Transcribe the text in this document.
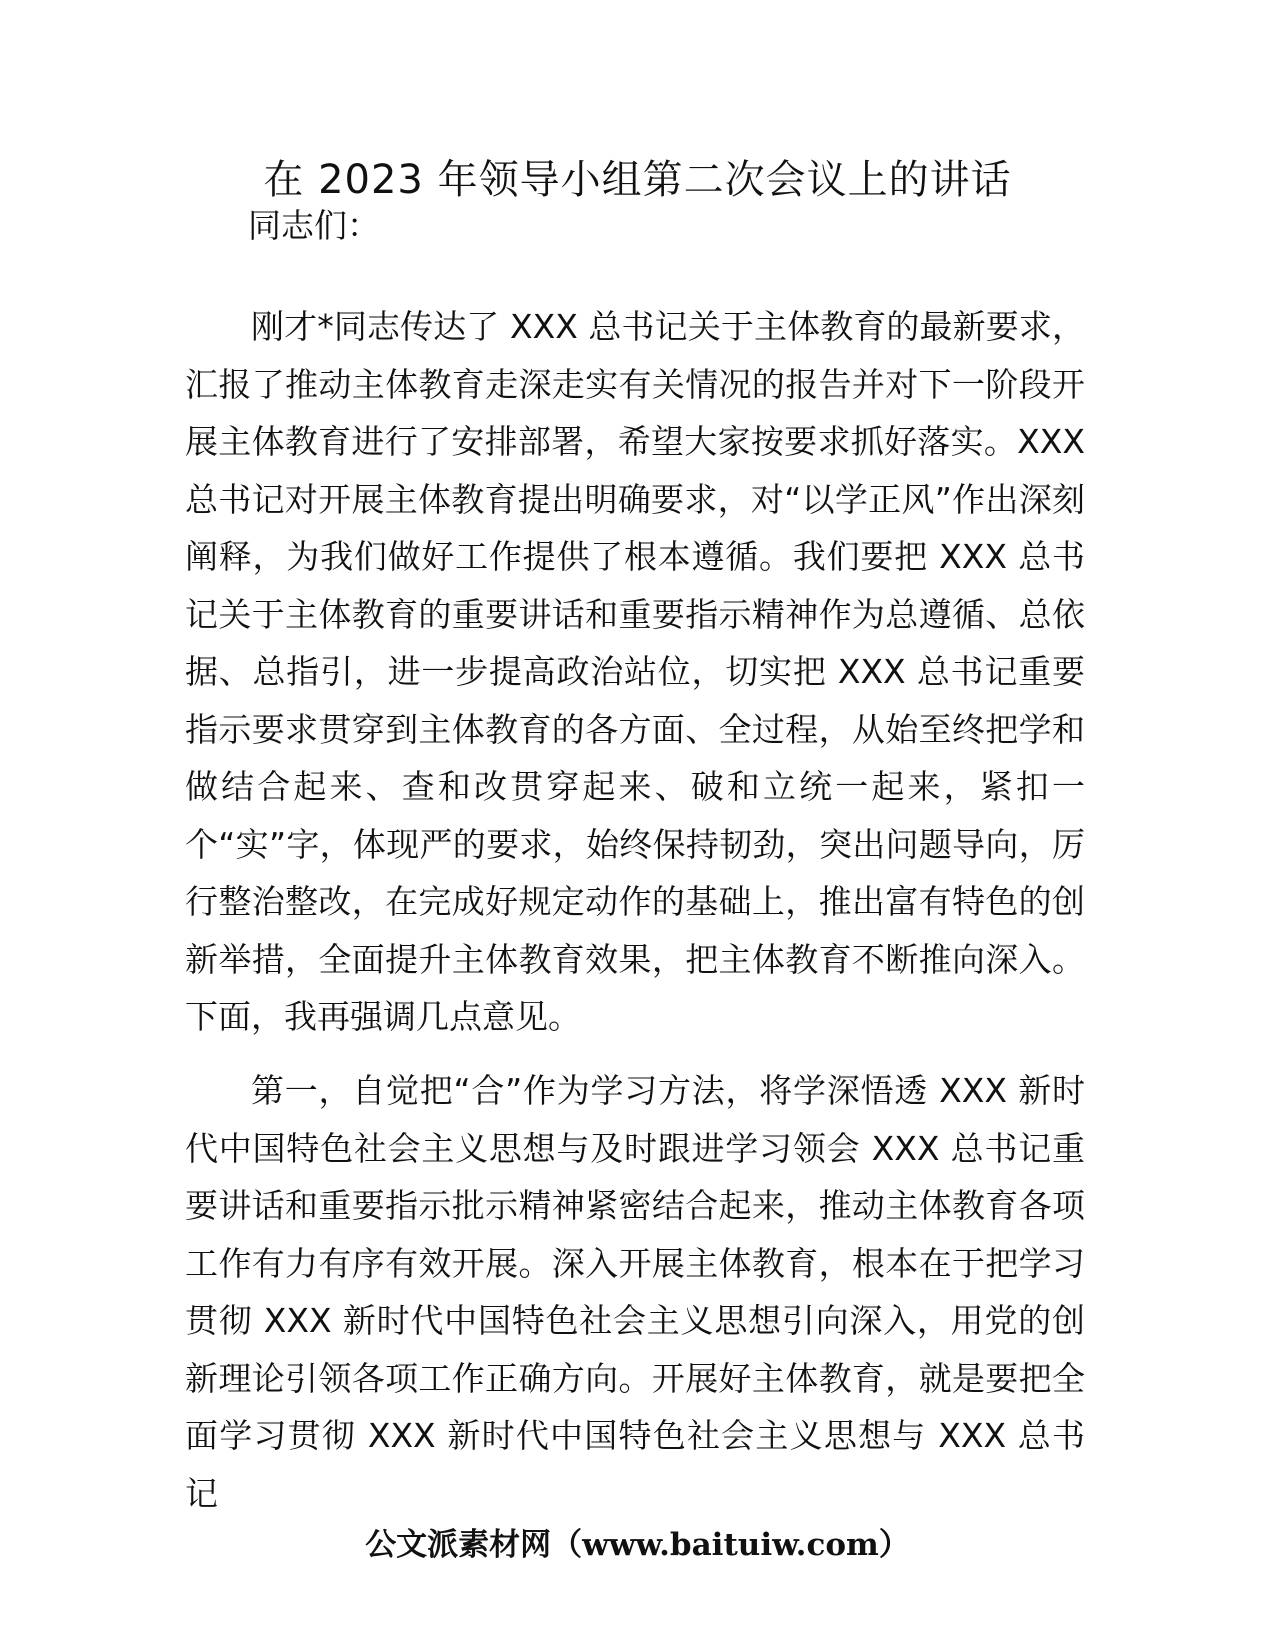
在 2023 年领导小组第二次会议上的讲话

同志们：

刚才*同志传达了 XXX 总书记关于主体教育的最新要求，汇报了推动主体教育走深走实有关情况的报告并对下一阶段开展主体教育进行了安排部署，希望大家按要求抓好落实。XXX 总书记对开展主体教育提出明确要求，对“以学正风”作出深刻阐释，为我们做好工作提供了根本遵循。我们要把 XXX 总书记关于主体教育的重要讲话和重要指示精神作为总遵循、总依据、总指引，进一步提高政治站位，切实把 XXX 总书记重要指示要求贯穿到主体教育的各方面、全过程，从始至终把学和做结合起来、查和改贯穿起来、破和立统一起来，紧扣一个“实”字，体现严的要求，始终保持韧劲，突出问题导向，厉行整治整改，在完成好规定动作的基础上，推出富有特色的创新举措，全面提升主体教育效果，把主体教育不断推向深入。下面，我再强调几点意见。

第一，自觉把“合”作为学习方法，将学深悟透 XXX 新时代中国特色社会主义思想与及时跟进学习领会 XXX 总书记重要讲话和重要指示批示精神紧密结合起来，推动主体教育各项工作有力有序有效开展。深入开展主体教育，根本在于把学习贯彻 XXX 新时代中国特色社会主义思想引向深入，用党的创新理论引领各项工作正确方向。开展好主体教育，就是要把全面学习贯彻 XXX 新时代中国特色社会主义思想与 XXX 总书记

公文派素材网（www.baituiw.com）
